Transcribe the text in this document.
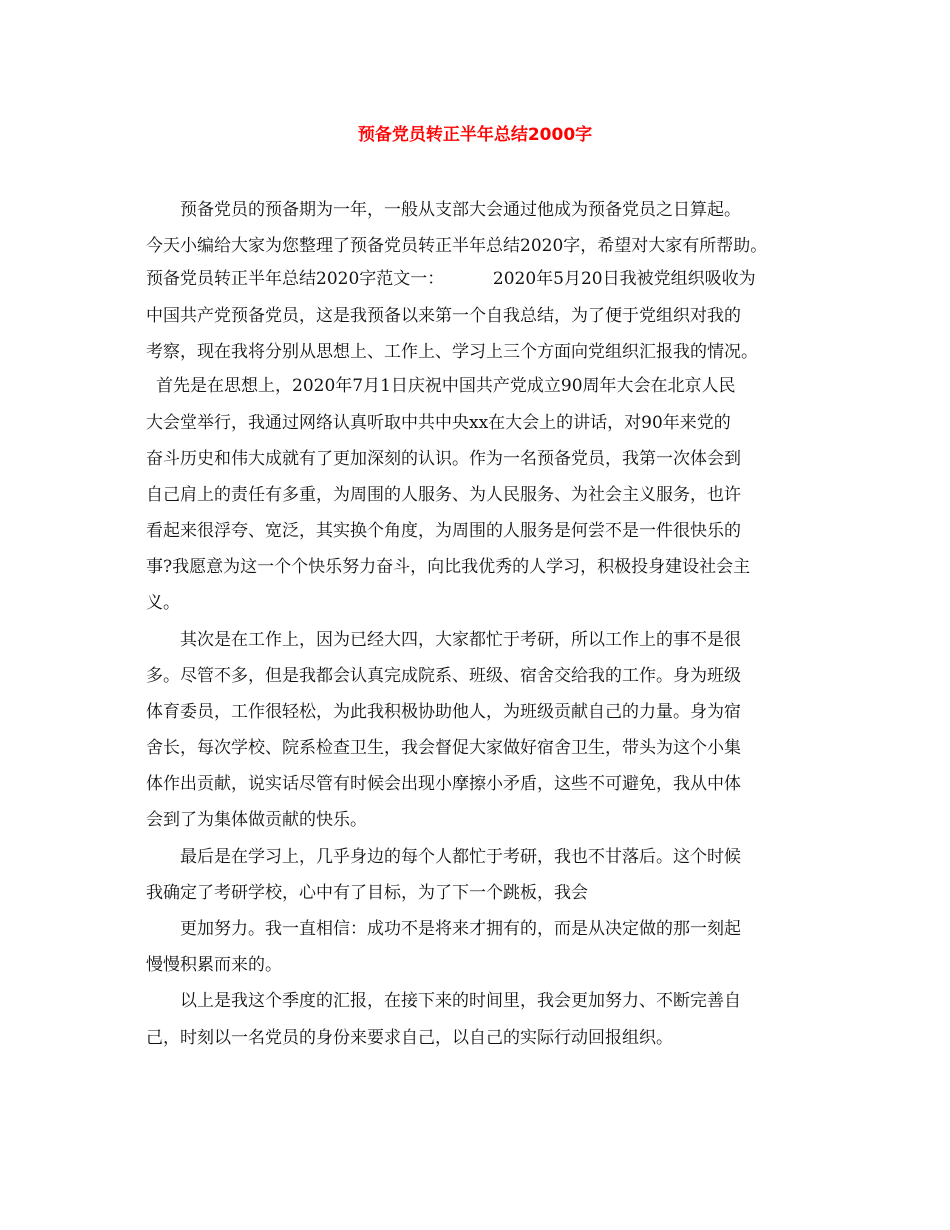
预备党员转正半年总结2000字

预备党员的预备期为一年，一般从支部大会通过他成为预备党员之日算起。

今天小编给大家为您整理了预备党员转正半年总结2020字，希望对大家有所帮助。

预备党员转正半年总结2020字范文一：         2020年5月20日我被党组织吸收为

中国共产党预备党员，这是我预备以来第一个自我总结，为了便于党组织对我的

考察，现在我将分别从思想上、工作上、学习上三个方面向党组织汇报我的情况。

首先是在思想上，2020年7月1日庆祝中国共产党成立90周年大会在北京人民

大会堂举行，我通过网络认真听取中共中央xx在大会上的讲话，对90年来党的

奋斗历史和伟大成就有了更加深刻的认识。作为一名预备党员，我第一次体会到

自己肩上的责任有多重，为周围的人服务、为人民服务、为社会主义服务，也许

看起来很浮夸、宽泛，其实换个角度，为周围的人服务是何尝不是一件很快乐的

事?我愿意为这一个个快乐努力奋斗，向比我优秀的人学习，积极投身建设社会主

义。

其次是在工作上，因为已经大四，大家都忙于考研，所以工作上的事不是很

多。尽管不多，但是我都会认真完成院系、班级、宿舍交给我的工作。身为班级

体育委员，工作很轻松，为此我积极协助他人，为班级贡献自己的力量。身为宿

舍长，每次学校、院系检查卫生，我会督促大家做好宿舍卫生，带头为这个小集

体作出贡献，说实话尽管有时候会出现小摩擦小矛盾，这些不可避免，我从中体

会到了为集体做贡献的快乐。

最后是在学习上，几乎身边的每个人都忙于考研，我也不甘落后。这个时候

我确定了考研学校，心中有了目标，为了下一个跳板，我会

更加努力。我一直相信：成功不是将来才拥有的，而是从决定做的那一刻起

慢慢积累而来的。

以上是我这个季度的汇报，在接下来的时间里，我会更加努力、不断完善自

己，时刻以一名党员的身份来要求自己，以自己的实际行动回报组织。
